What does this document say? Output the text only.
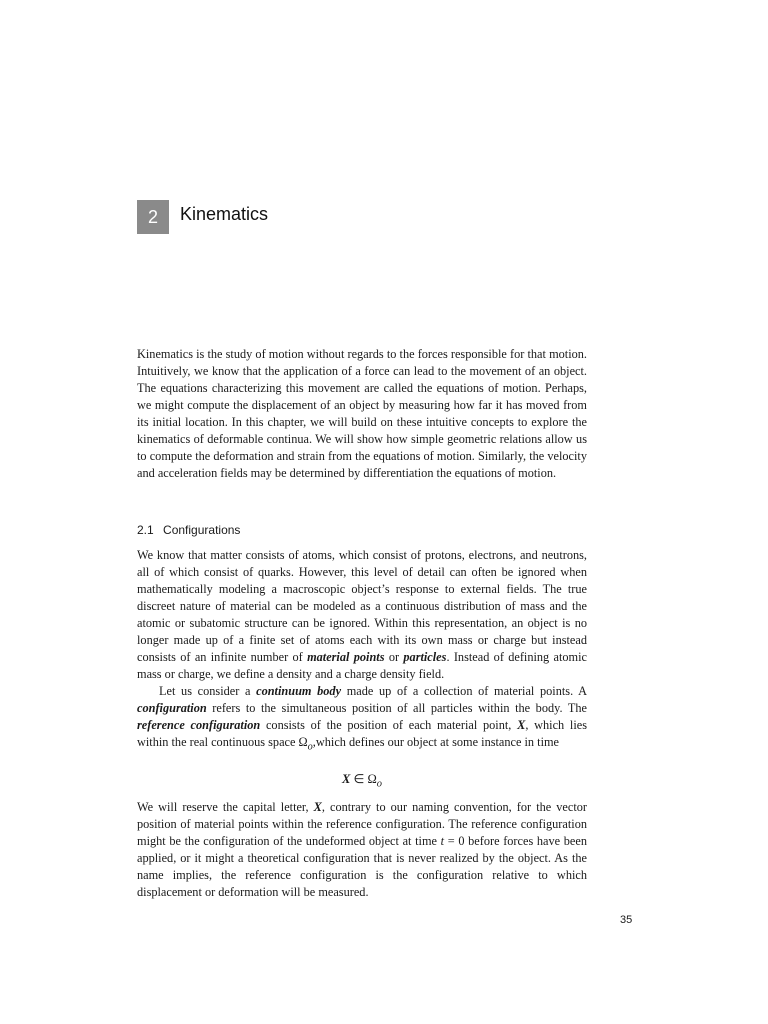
2 Kinematics

Kinematics is the study of motion without regards to the forces responsible for that motion. Intuitively, we know that the application of a force can lead to the movement of an object. The equations characterizing this movement are called the equations of motion. Perhaps, we might compute the displacement of an object by measuring how far it has moved from its initial location. In this chapter, we will build on these intuitive concepts to explore the kinematics of deformable continua. We will show how simple geometric relations allow us to compute the deformation and strain from the equations of motion. Similarly, the velocity and acceleration fields may be determined by differentiation the equations of motion.

2.1 Configurations

We know that matter consists of atoms, which consist of protons, electrons, and neutrons, all of which consist of quarks. However, this level of detail can often be ignored when mathematically modeling a macroscopic object’s response to external fields. The true discreet nature of material can be modeled as a continuous distribution of mass and the atomic or subatomic structure can be ignored. Within this representation, an object is no longer made up of a finite set of atoms each with its own mass or charge but instead consists of an infinite number of material points or particles. Instead of defining atomic mass or charge, we define a density and a charge density field.

Let us consider a continuum body made up of a collection of material points. A configuration refers to the simultaneous position of all particles within the body. The reference configuration consists of the position of each material point, X, which lies within the real continuous space $\Omega_o,which$ defines our object at some instance in time

X ∈ $\Omega_o$

We will reserve the capital letter, X, contrary to our naming convention, for the vector position of material points within the reference configuration. The reference configuration might be the configuration of the undeformed object at time t = 0 before forces have been applied, or it might a theoretical configuration that is never realized by the object. As the name implies, the reference configuration is the configuration relative to which displacement or deformation will be measured.

35
